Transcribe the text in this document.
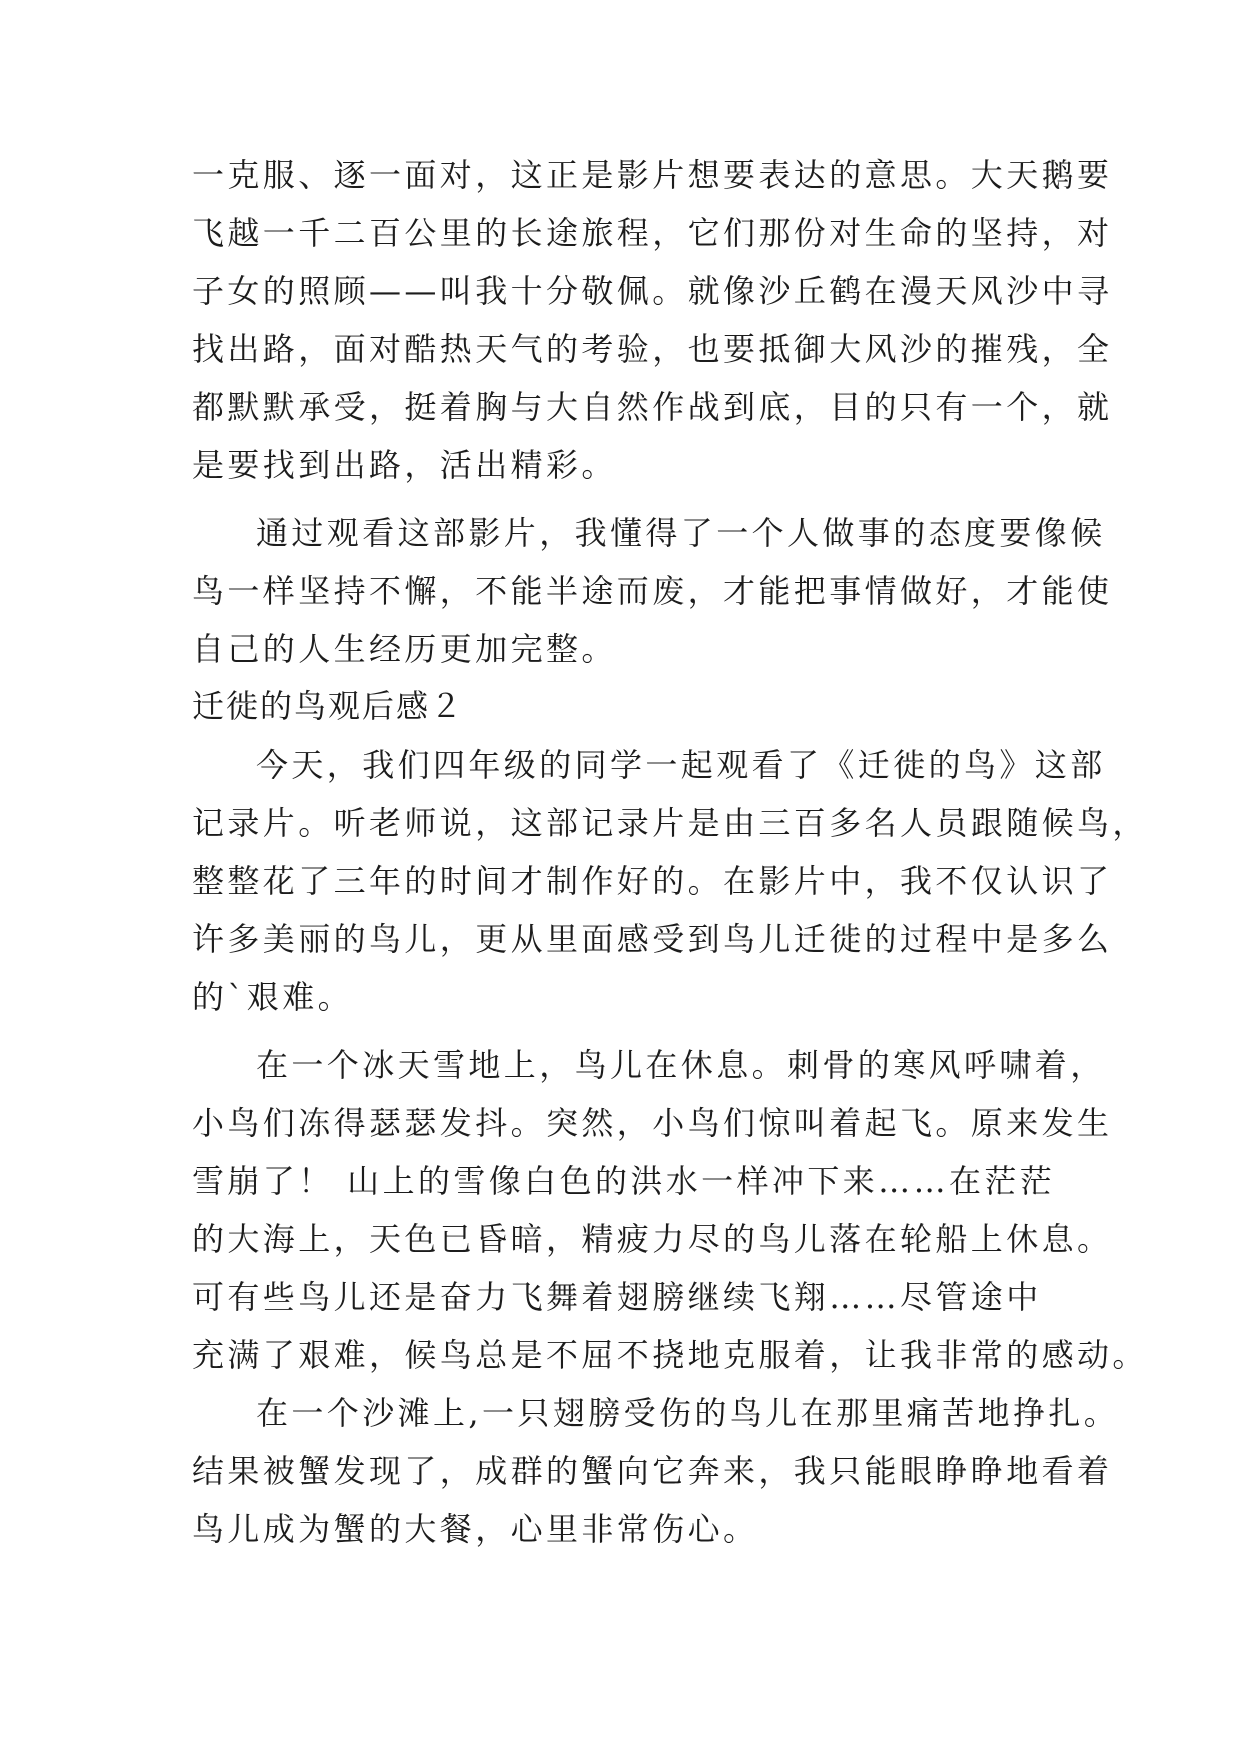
一克服、逐一面对，这正是影片想要表达的意思。大天鹅要
飞越一千二百公里的长途旅程，它们那份对生命的坚持，对
子女的照顾——叫我十分敬佩。就像沙丘鹤在漫天风沙中寻
找出路，面对酷热天气的考验，也要抵御大风沙的摧残，全
都默默承受，挺着胸与大自然作战到底，目的只有一个，就
是要找到出路，活出精彩。
通过观看这部影片，我懂得了一个人做事的态度要像候
鸟一样坚持不懈，不能半途而废，才能把事情做好，才能使
自己的人生经历更加完整。
迁徙的鸟观后感２
今天，我们四年级的同学一起观看了《迁徙的鸟》这部
记录片。听老师说，这部记录片是由三百多名人员跟随候鸟，
整整花了三年的时间才制作好的。在影片中，我不仅认识了
许多美丽的鸟儿，更从里面感受到鸟儿迁徙的过程中是多么
的`艰难。
在一个冰天雪地上，鸟儿在休息。刺骨的寒风呼啸着，
小鸟们冻得瑟瑟发抖。突然，小鸟们惊叫着起飞。原来发生
雪崩了！ 山上的雪像白色的洪水一样冲下来……在茫茫
的大海上，天色已昏暗，精疲力尽的鸟儿落在轮船上休息。
可有些鸟儿还是奋力飞舞着翅膀继续飞翔……尽管途中
充满了艰难，候鸟总是不屈不挠地克服着，让我非常的感动。
在一个沙滩上,一只翅膀受伤的鸟儿在那里痛苦地挣扎。
结果被蟹发现了，成群的蟹向它奔来，我只能眼睁睁地看着
鸟儿成为蟹的大餐，心里非常伤心。
